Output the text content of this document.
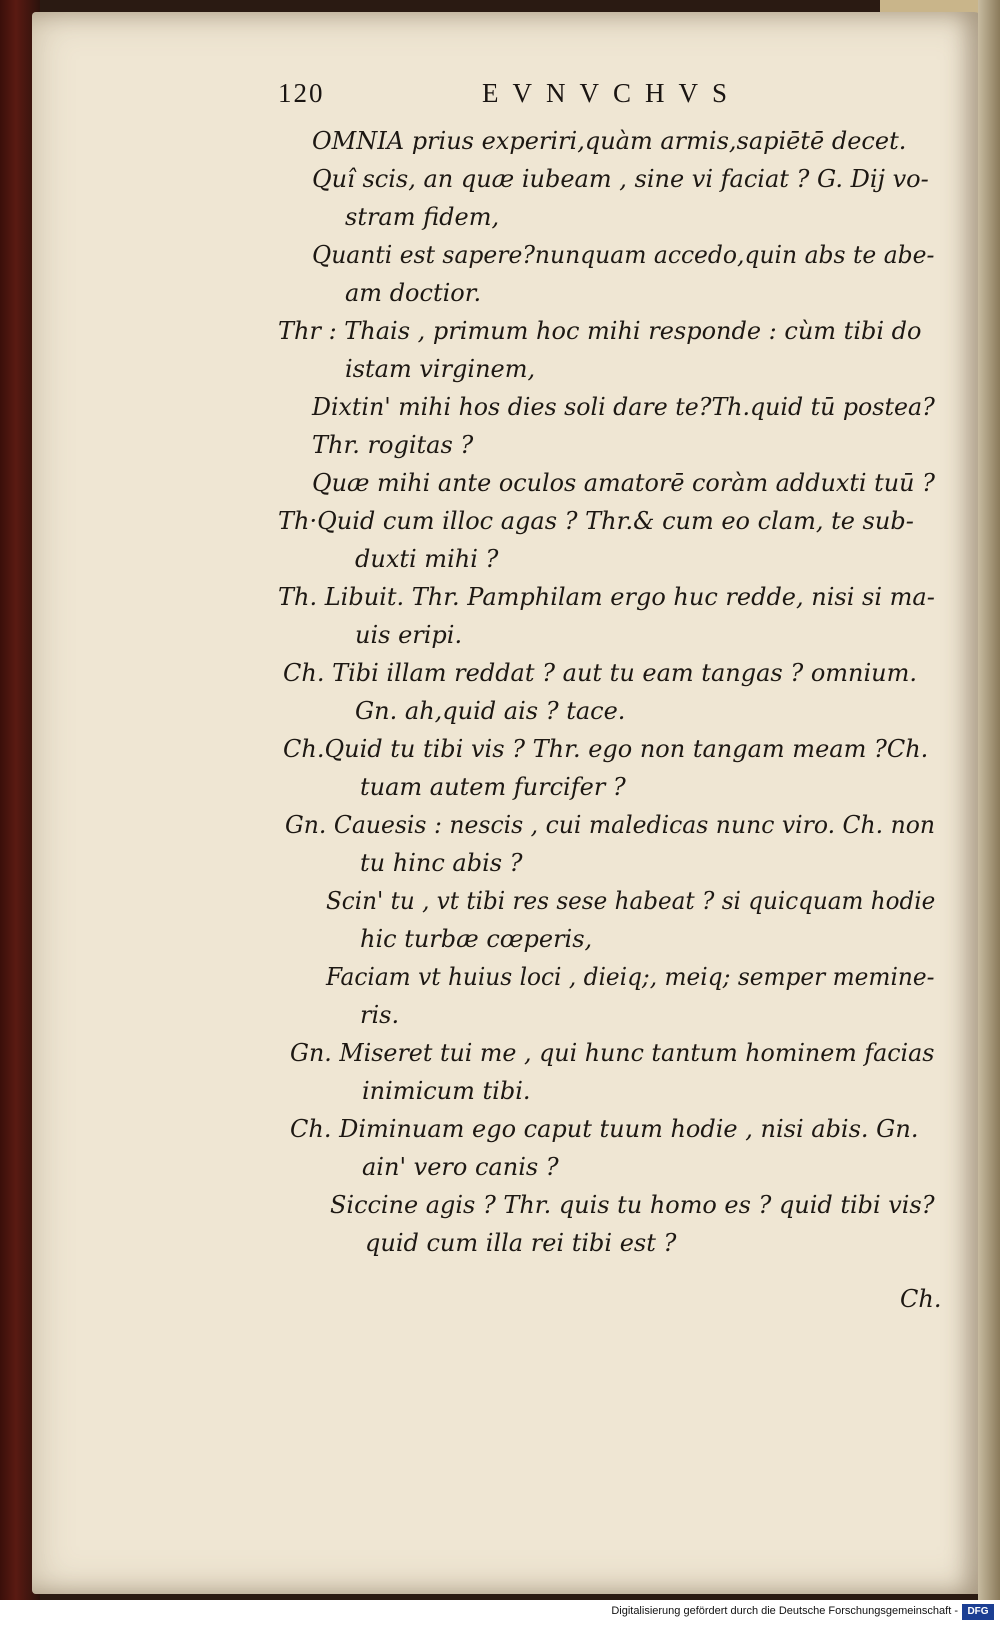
120	EVNVCHVS
OMNIA prius experiri,quàm armis,sapiētē decet.
Quî scis, an quæ iubeam , sine vi faciat ? G. Dij vo-
stram fidem,
Quanti est sapere?nunquam accedo,quin abs te abe-
am doctior.
Thr : Thais , primum hoc mihi responde : cùm tibi do
istam virginem,
Dixtin' mihi hos dies soli dare te?Th.quid tū postea?
Thr. rogitas ?
Quæ mihi ante oculos amatorē coràm adduxti tuū ?
Th·Quid cum illoc agas ? Thr.& cum eo clam, te sub-
duxti mihi ?
Th. Libuit. Thr. Pamphilam ergo huc redde, nisi si ma-
uis eripi.
Ch. Tibi illam reddat ? aut tu eam tangas ? omnium.
Gn. ah,quid ais ? tace.
Ch.Quid tu tibi vis ? Thr. ego non tangam meam ?Ch.
tuam autem furcifer ?
Gn. Cauesis : nescis , cui maledicas nunc viro. Ch. non
tu hinc abis ?
Scin' tu , vt tibi res sese habeat ? si quicquam hodie
hic turbæ cœperis,
Faciam vt huius loci , dieiq;, meiq; semper memine-
ris.
Gn. Miseret tui me , qui hunc tantum hominem facias
inimicum tibi.
Ch. Diminuam ego caput tuum hodie , nisi abis. Gn.
ain' vero canis ?
Siccine agis ? Thr. quis tu homo es ? quid tibi vis?
quid cum illa rei tibi est ?
Ch.
Digitalisierung gefördert durch die Deutsche Forschungsgemeinschaft - DFG
